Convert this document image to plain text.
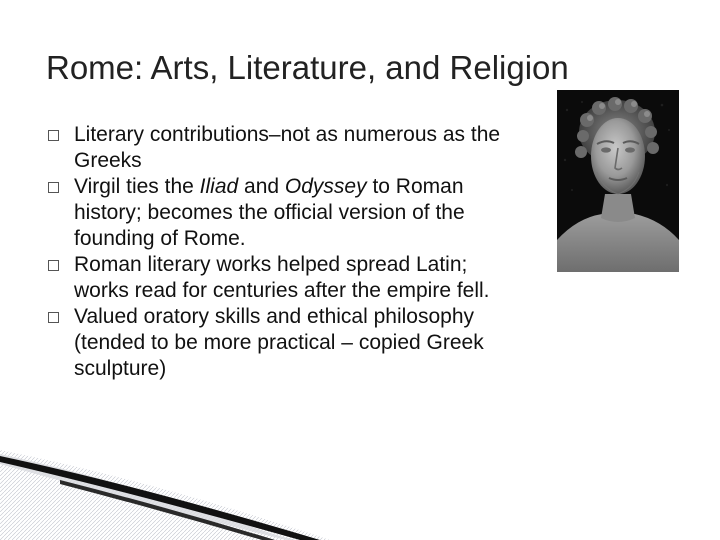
Rome: Arts, Literature, and Religion
Literary contributions–not as numerous as the Greeks
Virgil ties the Iliad and Odyssey to Roman history; becomes the official version of the founding of Rome.
Roman literary works helped spread Latin; works read for centuries after the empire fell.
Valued oratory skills and ethical philosophy (tended to be more practical – copied Greek sculpture)
